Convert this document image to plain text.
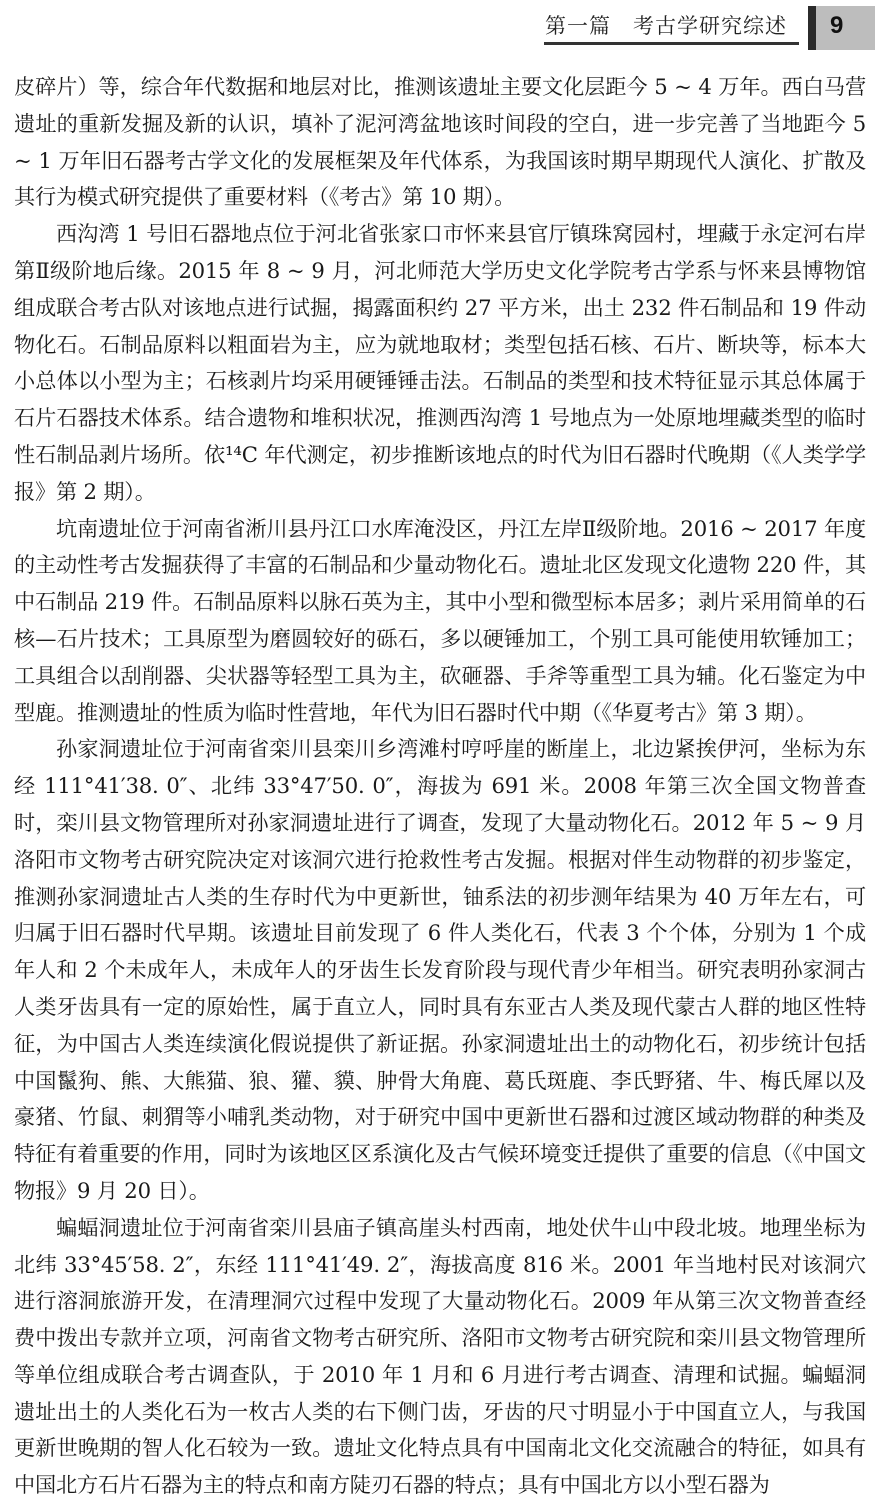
第一篇　考古学研究综述 9

皮碎片）等，综合年代数据和地层对比，推测该遗址主要文化层距今 5 ~ 4 万年。西白马营遗址的重新发掘及新的认识，填补了泥河湾盆地该时间段的空白，进一步完善了当地距今 5 ~ 1 万年旧石器考古学文化的发展框架及年代体系，为我国该时期早期现代人演化、扩散及其行为模式研究提供了重要材料（《考古》第 10 期）。

西沟湾 1 号旧石器地点位于河北省张家口市怀来县官厅镇珠窝园村，埋藏于永定河右岸第Ⅱ级阶地后缘。2015 年 8 ~ 9 月，河北师范大学历史文化学院考古学系与怀来县博物馆组成联合考古队对该地点进行试掘，揭露面积约 27 平方米，出土 232 件石制品和 19 件动物化石。石制品原料以粗面岩为主，应为就地取材；类型包括石核、石片、断块等，标本大小总体以小型为主；石核剥片均采用硬锤锤击法。石制品的类型和技术特征显示其总体属于石片石器技术体系。结合遗物和堆积状况，推测西沟湾 1 号地点为一处原地埋藏类型的临时性石制品剥片场所。依¹⁴C 年代测定，初步推断该地点的时代为旧石器时代晚期（《人类学学报》第 2 期）。

坑南遗址位于河南省淅川县丹江口水库淹没区，丹江左岸Ⅱ级阶地。2016 ~ 2017 年度的主动性考古发掘获得了丰富的石制品和少量动物化石。遗址北区发现文化遗物 220 件，其中石制品 219 件。石制品原料以脉石英为主，其中小型和微型标本居多；剥片采用简单的石核—石片技术；工具原型为磨圆较好的砾石，多以硬锤加工，个别工具可能使用软锤加工；工具组合以刮削器、尖状器等轻型工具为主，砍砸器、手斧等重型工具为辅。化石鉴定为中型鹿。推测遗址的性质为临时性营地，年代为旧石器时代中期（《华夏考古》第 3 期）。

孙家洞遗址位于河南省栾川县栾川乡湾滩村哼呼崖的断崖上，北边紧挨伊河，坐标为东经 111°41′38. 0″、北纬 33°47′50. 0″，海拔为 691 米。2008 年第三次全国文物普查时，栾川县文物管理所对孙家洞遗址进行了调查，发现了大量动物化石。2012 年 5 ~ 9 月洛阳市文物考古研究院决定对该洞穴进行抢救性考古发掘。根据对伴生动物群的初步鉴定，推测孙家洞遗址古人类的生存时代为中更新世，铀系法的初步测年结果为 40 万年左右，可归属于旧石器时代早期。该遗址目前发现了 6 件人类化石，代表 3 个个体，分别为 1 个成年人和 2 个未成年人，未成年人的牙齿生长发育阶段与现代青少年相当。研究表明孙家洞古人类牙齿具有一定的原始性，属于直立人，同时具有东亚古人类及现代蒙古人群的地区性特征，为中国古人类连续演化假说提供了新证据。孙家洞遗址出土的动物化石，初步统计包括中国鬣狗、熊、大熊猫、狼、獾、貘、肿骨大角鹿、葛氏斑鹿、李氏野猪、牛、梅氏犀以及豪猪、竹鼠、刺猬等小哺乳类动物，对于研究中国中更新世石器和过渡区域动物群的种类及特征有着重要的作用，同时为该地区区系演化及古气候环境变迁提供了重要的信息（《中国文物报》9 月 20 日）。

蝙蝠洞遗址位于河南省栾川县庙子镇高崖头村西南，地处伏牛山中段北坡。地理坐标为北纬 33°45′58. 2″，东经 111°41′49. 2″，海拔高度 816 米。2001 年当地村民对该洞穴进行溶洞旅游开发，在清理洞穴过程中发现了大量动物化石。2009 年从第三次文物普查经费中拨出专款并立项，河南省文物考古研究所、洛阳市文物考古研究院和栾川县文物管理所等单位组成联合考古调查队，于 2010 年 1 月和 6 月进行考古调查、清理和试掘。蝙蝠洞遗址出土的人类化石为一枚古人类的右下侧门齿，牙齿的尺寸明显小于中国直立人，与我国更新世晚期的智人化石较为一致。遗址文化特点具有中国南北文化交流融合的特征，如具有中国北方石片石器为主的特点和南方陡刃石器的特点；具有中国北方以小型石器为
